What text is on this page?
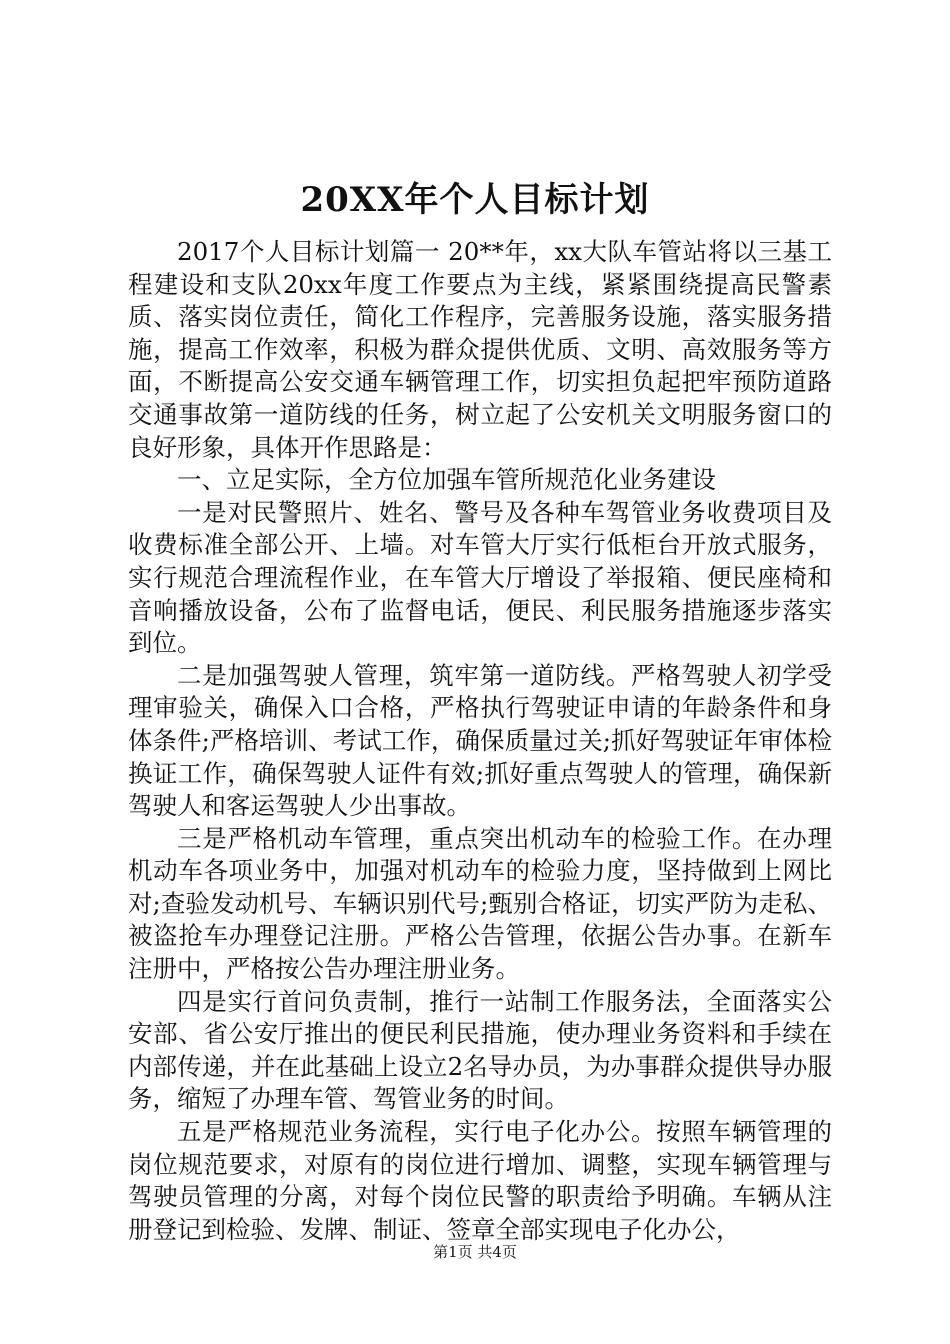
20XX年个人目标计划

2017个人目标计划篇一 20**年，xx大队车管站将以三基工程建设和支队20xx年度工作要点为主线，紧紧围绕提高民警素质、落实岗位责任，简化工作程序，完善服务设施，落实服务措施，提高工作效率，积极为群众提供优质、文明、高效服务等方面，不断提高公安交通车辆管理工作，切实担负起把牢预防道路交通事故第一道防线的任务，树立起了公安机关文明服务窗口的良好形象，具体开作思路是：

一、立足实际，全方位加强车管所规范化业务建设

一是对民警照片、姓名、警号及各种车驾管业务收费项目及收费标准全部公开、上墙。对车管大厅实行低柜台开放式服务，实行规范合理流程作业，在车管大厅增设了举报箱、便民座椅和音响播放设备，公布了监督电话，便民、利民服务措施逐步落实到位。

二是加强驾驶人管理，筑牢第一道防线。严格驾驶人初学受理审验关，确保入口合格，严格执行驾驶证申请的年龄条件和身体条件;严格培训、考试工作，确保质量过关;抓好驾驶证年审体检换证工作，确保驾驶人证件有效;抓好重点驾驶人的管理，确保新驾驶人和客运驾驶人少出事故。

三是严格机动车管理，重点突出机动车的检验工作。在办理机动车各项业务中，加强对机动车的检验力度，坚持做到上网比对;查验发动机号、车辆识别代号;甄别合格证，切实严防为走私、被盗抢车办理登记注册。严格公告管理，依据公告办事。在新车注册中，严格按公告办理注册业务。

四是实行首问负责制，推行一站制工作服务法，全面落实公安部、省公安厅推出的便民利民措施，使办理业务资料和手续在内部传递，并在此基础上设立2名导办员，为办事群众提供导办服务，缩短了办理车管、驾管业务的时间。

五是严格规范业务流程，实行电子化办公。按照车辆管理的岗位规范要求，对原有的岗位进行增加、调整，实现车辆管理与驾驶员管理的分离，对每个岗位民警的职责给予明确。车辆从注册登记到检验、发牌、制证、签章全部实现电子化办公，

第1页 共4页
